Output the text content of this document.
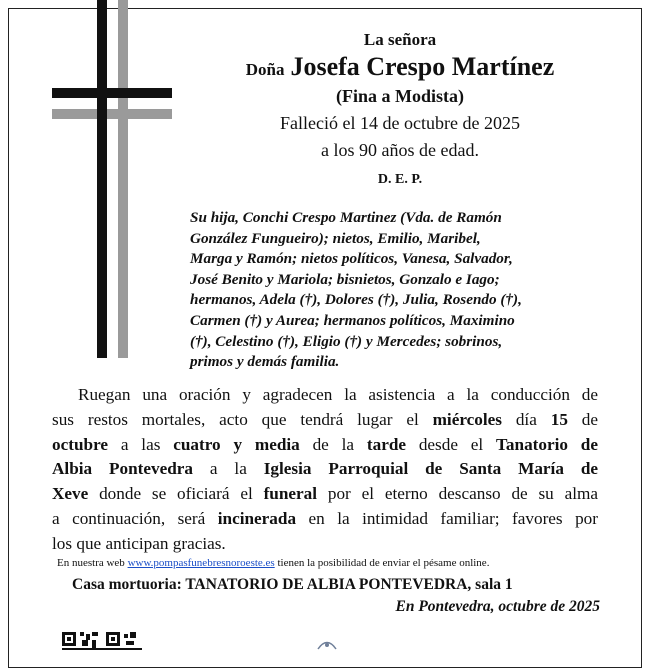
La señora
Doña Josefa Crespo Martínez
(Fina a Modista)
Falleció el 14 de octubre de 2025
a los 90 años de edad.
D. E. P.

Su hija, Conchi Crespo Martinez (Vda. de Ramón
González Fungueiro); nietos, Emilio, Maribel,
Marga y Ramón; nietos políticos, Vanesa, Salvador,
José Benito y Mariola; bisnietos, Gonzalo e Iago;
hermanos, Adela (†), Dolores (†), Julia, Rosendo (†),
Carmen (†) y Aurea; hermanos políticos, Maximino
(†), Celestino (†), Eligio (†) y Mercedes; sobrinos,
primos y demás familia.

Ruegan una oración y agradecen la asistencia a la conducción de
sus restos mortales, acto que tendrá lugar el miércoles día 15 de
octubre a las cuatro y media de la tarde desde el Tanatorio de
Albia Pontevedra a la Iglesia Parroquial de Santa María de
Xeve donde se oficiará el funeral por el eterno descanso de su alma
a continuación, será incinerada en la intimidad familiar; favores por
los que anticipan gracias.

En nuestra web www.pompasfunebresnoroeste.es tienen la posibilidad de enviar el pésame online.
Casa mortuoria: TANATORIO DE ALBIA PONTEVEDRA, sala 1
En Pontevedra, octubre de 2025
